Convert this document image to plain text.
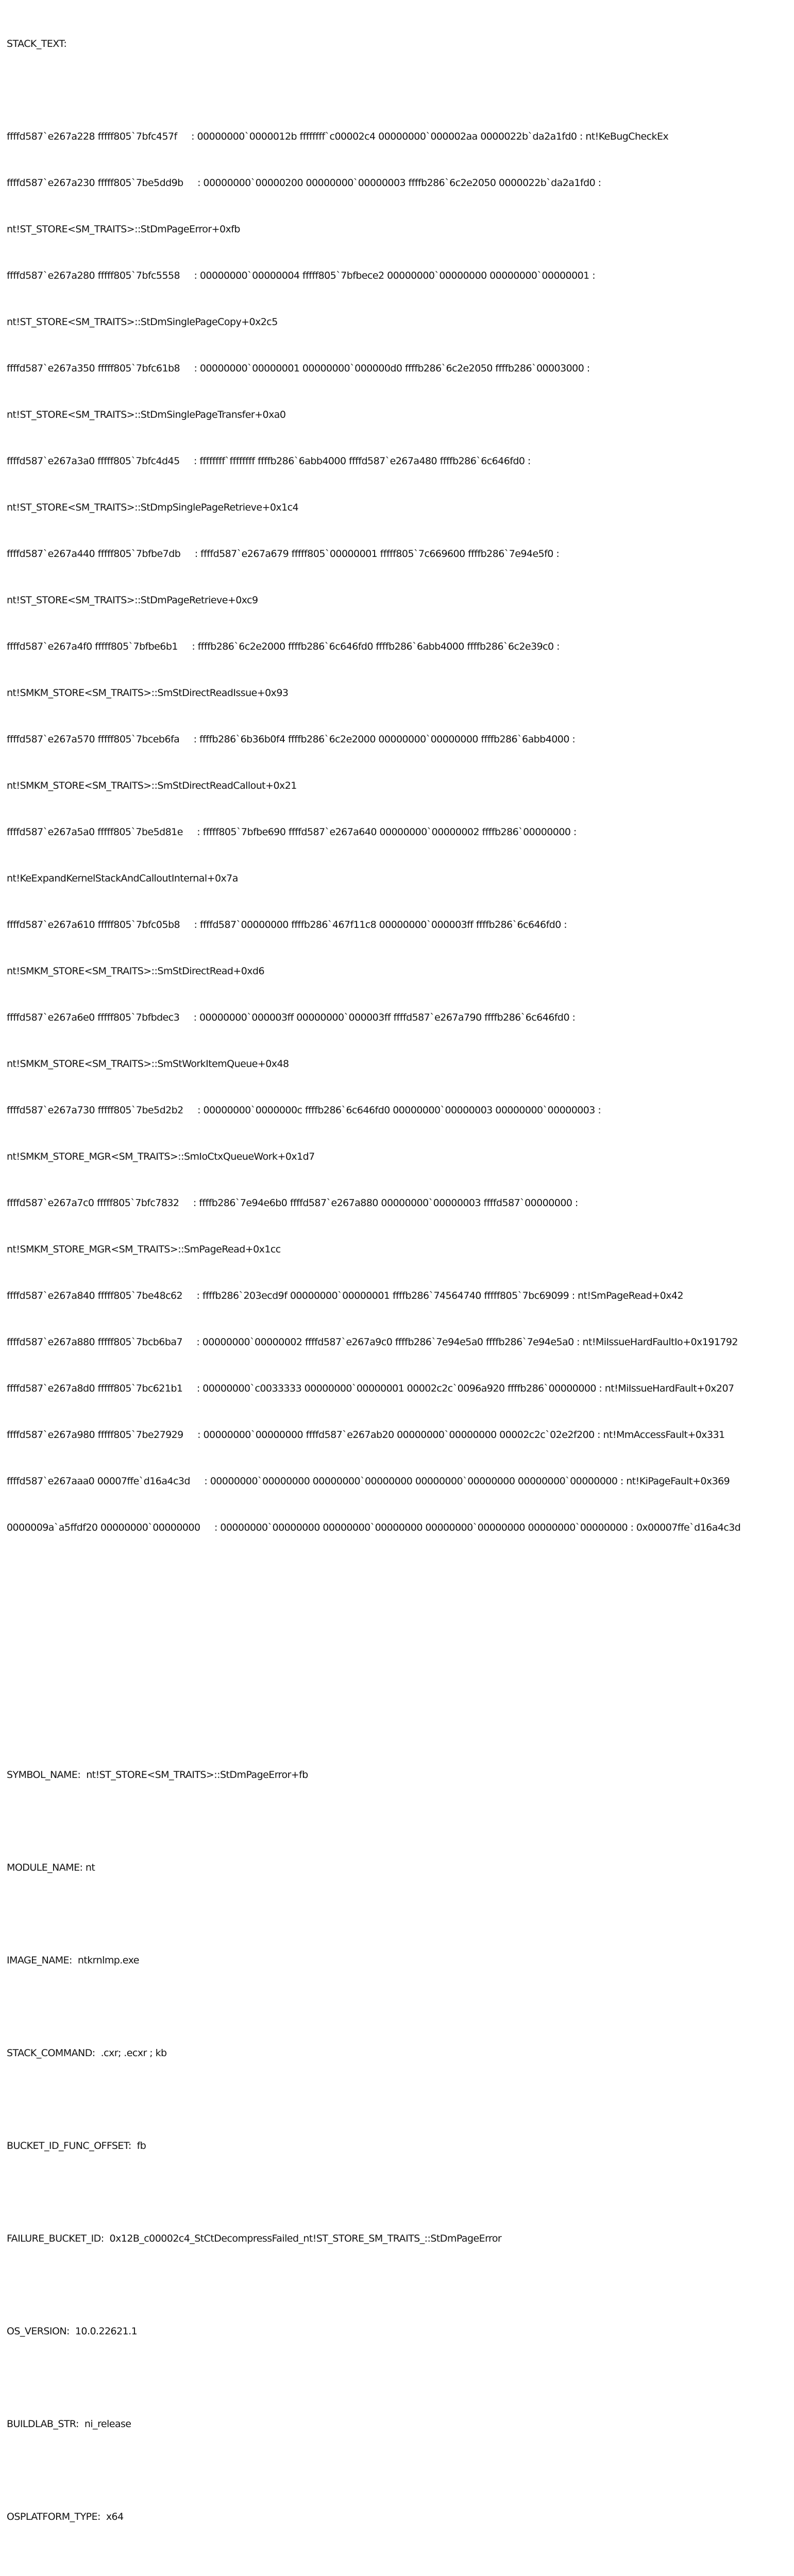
STACK_TEXT:

ffffd587`e267a228 fffff805`7bfc457f     : 00000000`0000012b ffffffff`c00002c4 00000000`000002aa 0000022b`da2a1fd0 : nt!KeBugCheckEx

ffffd587`e267a230 fffff805`7be5dd9b     : 00000000`00000200 00000000`00000003 ffffb286`6c2e2050 0000022b`da2a1fd0 :

nt!ST_STORE<SM_TRAITS>::StDmPageError+0xfb

ffffd587`e267a280 fffff805`7bfc5558     : 00000000`00000004 fffff805`7bfbece2 00000000`00000000 00000000`00000001 :

nt!ST_STORE<SM_TRAITS>::StDmSinglePageCopy+0x2c5

ffffd587`e267a350 fffff805`7bfc61b8     : 00000000`00000001 00000000`000000d0 ffffb286`6c2e2050 ffffb286`00003000 :

nt!ST_STORE<SM_TRAITS>::StDmSinglePageTransfer+0xa0

ffffd587`e267a3a0 fffff805`7bfc4d45     : ffffffff`ffffffff ffffb286`6abb4000 ffffd587`e267a480 ffffb286`6c646fd0 :

nt!ST_STORE<SM_TRAITS>::StDmpSinglePageRetrieve+0x1c4

ffffd587`e267a440 fffff805`7bfbe7db     : ffffd587`e267a679 fffff805`00000001 fffff805`7c669600 ffffb286`7e94e5f0 :

nt!ST_STORE<SM_TRAITS>::StDmPageRetrieve+0xc9

ffffd587`e267a4f0 fffff805`7bfbe6b1     : ffffb286`6c2e2000 ffffb286`6c646fd0 ffffb286`6abb4000 ffffb286`6c2e39c0 :

nt!SMKM_STORE<SM_TRAITS>::SmStDirectReadIssue+0x93

ffffd587`e267a570 fffff805`7bceb6fa     : ffffb286`6b36b0f4 ffffb286`6c2e2000 00000000`00000000 ffffb286`6abb4000 :

nt!SMKM_STORE<SM_TRAITS>::SmStDirectReadCallout+0x21

ffffd587`e267a5a0 fffff805`7be5d81e     : fffff805`7bfbe690 ffffd587`e267a640 00000000`00000002 ffffb286`00000000 :

nt!KeExpandKernelStackAndCalloutInternal+0x7a

ffffd587`e267a610 fffff805`7bfc05b8     : ffffd587`00000000 ffffb286`467f11c8 00000000`000003ff ffffb286`6c646fd0 :

nt!SMKM_STORE<SM_TRAITS>::SmStDirectRead+0xd6

ffffd587`e267a6e0 fffff805`7bfbdec3     : 00000000`000003ff 00000000`000003ff ffffd587`e267a790 ffffb286`6c646fd0 :

nt!SMKM_STORE<SM_TRAITS>::SmStWorkItemQueue+0x48

ffffd587`e267a730 fffff805`7be5d2b2     : 00000000`0000000c ffffb286`6c646fd0 00000000`00000003 00000000`00000003 :

nt!SMKM_STORE_MGR<SM_TRAITS>::SmIoCtxQueueWork+0x1d7

ffffd587`e267a7c0 fffff805`7bfc7832     : ffffb286`7e94e6b0 ffffd587`e267a880 00000000`00000003 ffffd587`00000000 :

nt!SMKM_STORE_MGR<SM_TRAITS>::SmPageRead+0x1cc

ffffd587`e267a840 fffff805`7be48c62     : ffffb286`203ecd9f 00000000`00000001 ffffb286`74564740 fffff805`7bc69099 : nt!SmPageRead+0x42

ffffd587`e267a880 fffff805`7bcb6ba7     : 00000000`00000002 ffffd587`e267a9c0 ffffb286`7e94e5a0 ffffb286`7e94e5a0 : nt!MiIssueHardFaultIo+0x191792

ffffd587`e267a8d0 fffff805`7bc621b1     : 00000000`c0033333 00000000`00000001 00002c2c`0096a920 ffffb286`00000000 : nt!MiIssueHardFault+0x207

ffffd587`e267a980 fffff805`7be27929     : 00000000`00000000 ffffd587`e267ab20 00000000`00000000 00002c2c`02e2f200 : nt!MmAccessFault+0x331

ffffd587`e267aaa0 00007ffe`d16a4c3d     : 00000000`00000000 00000000`00000000 00000000`00000000 00000000`00000000 : nt!KiPageFault+0x369

0000009a`a5ffdf20 00000000`00000000     : 00000000`00000000 00000000`00000000 00000000`00000000 00000000`00000000 : 0x00007ffe`d16a4c3d

SYMBOL_NAME:  nt!ST_STORE<SM_TRAITS>::StDmPageError+fb

MODULE_NAME: nt

IMAGE_NAME:  ntkrnlmp.exe

STACK_COMMAND:  .cxr; .ecxr ; kb

BUCKET_ID_FUNC_OFFSET:  fb

FAILURE_BUCKET_ID:  0x12B_c00002c4_StCtDecompressFailed_nt!ST_STORE_SM_TRAITS_::StDmPageError

OS_VERSION:  10.0.22621.1

BUILDLAB_STR:  ni_release

OSPLATFORM_TYPE:  x64
